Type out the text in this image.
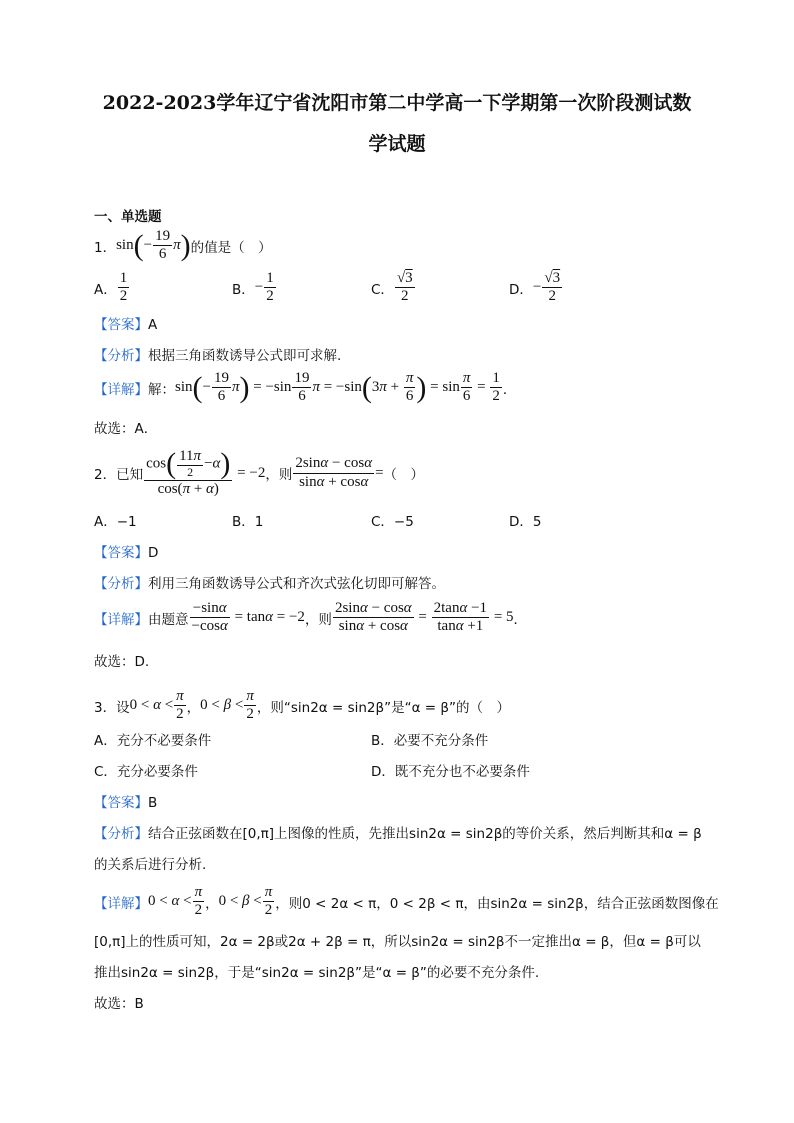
2022-2023学年辽宁省沈阳市第二中学高一下学期第一次阶段测试数
学试题
一、单选题
1． sin ( − $\frac{19}{6}$ π ) 的值是（　）
A． $\frac{1}{2}$	B． − $\frac{1}{2}$	C． $\frac{√3}{2}$	D． − $\frac{√3}{2}$
【答案】A
【分析】根据三角函数诱导公式即可求解.
【详解】 解： sin ( − $\frac{19}{6}$ π ) = $-\sin \frac{19}{6}$ π = −sin ( 3 $\pi + \frac{\pi}{6}$ ) = $\sin \frac{\pi}{6} = \frac{1}{2}$ ．
故选：A．
2．已知 $\frac{\cos( \frac{11\pi}{2} -\alpha)}{\cos(\pi + \alpha)} = -2$ ，则 $\frac{2\sin\alpha - \cos\alpha}{\sin\alpha + \cos\alpha}$ = （　）
A．−1	B．1	C．−5	D．5
【答案】D
【分析】利用三角函数诱导公式和齐次式弦化切即可解答。
【详解】 由题意 $\frac{-\sin\alpha}{-\cos\alpha} = \tan\alpha = -2$ ，则 $\frac{2\sin\alpha - \cos\alpha}{\sin\alpha + \cos\alpha} = \frac{2\tan\alpha -1}{\tan\alpha +1} = 5$ ．
故选：D.
3．设 $0 < \alpha < \frac{\pi}{2}$ ， $0 < \beta < \frac{\pi}{2}$ ，则“sin2α = sin2β”是“α = β”的（　）
A．充分不必要条件	B．必要不充分条件
C．充分必要条件	D．既不充分也不必要条件
【答案】B
【分析】结合正弦函数在[0,π]上图像的性质，先推出sin2α = sin2β的等价关系，然后判断其和α = β
的关系后进行分析.
【详解】 $0 < \alpha < \frac{\pi}{2}$ ， $0 < \beta < \frac{\pi}{2}$ ，则0 < 2α < π，0 < 2β < π，由sin2α = sin2β，结合正弦函数图像在
[0,π]上的性质可知，2α = 2β或2α + 2β = π，所以sin2α = sin2β不一定推出α = β，但α = β可以
推出sin2α = sin2β，于是“sin2α = sin2β”是“α = β”的必要不充分条件.
故选：B
